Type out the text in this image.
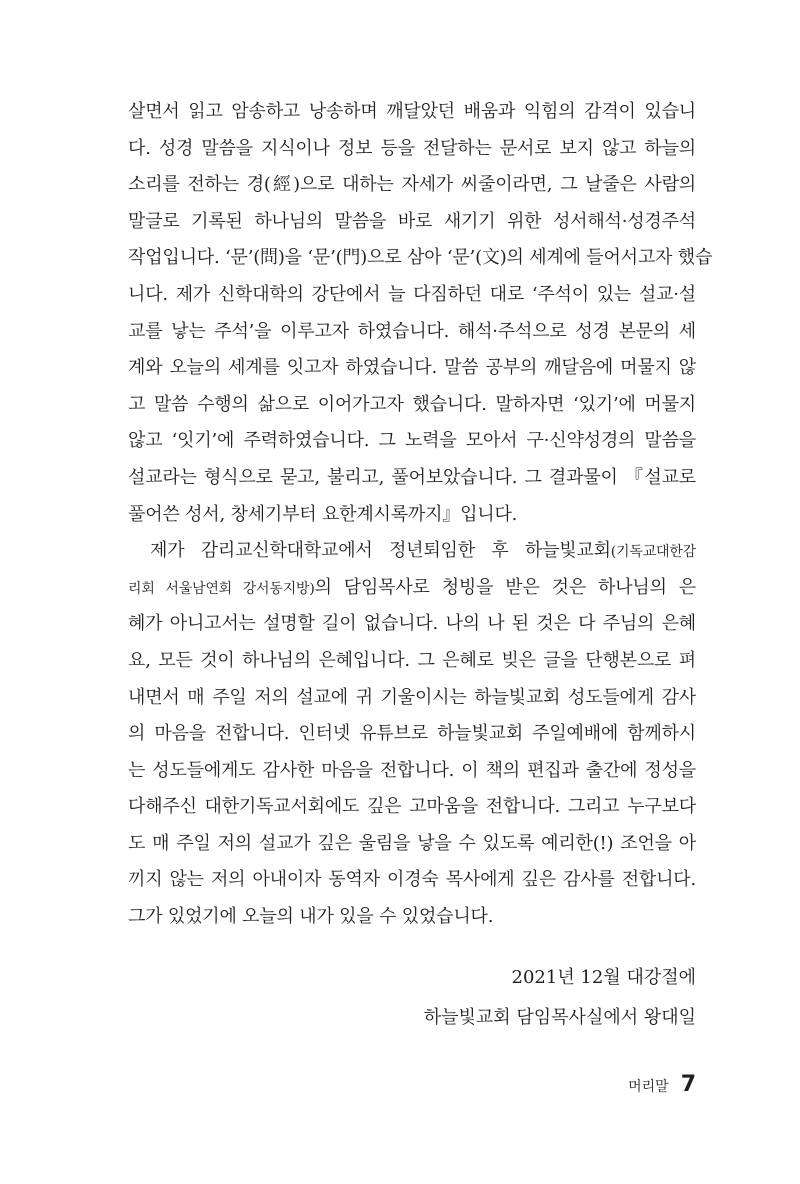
살면서 읽고 암송하고 낭송하며 깨달았던 배움과 익힘의 감격이 있습니
다. 성경 말씀을 지식이나 정보 등을 전달하는 문서로 보지 않고 하늘의
소리를 전하는 경(經)으로 대하는 자세가 씨줄이라면, 그 날줄은 사람의
말글로 기록된 하나님의 말씀을 바로 새기기 위한 성서해석·성경주석
작업입니다. ‘문’(問)을 ‘문’(門)으로 삼아 ‘문’(文)의 세계에 들어서고자 했습
니다. 제가 신학대학의 강단에서 늘 다짐하던 대로 ‘주석이 있는 설교·설
교를 낳는 주석’을 이루고자 하였습니다. 해석·주석으로 성경 본문의 세
계와 오늘의 세계를 잇고자 하였습니다. 말씀 공부의 깨달음에 머물지 않
고 말씀 수행의 삶으로 이어가고자 했습니다. 말하자면 ‘있기’에 머물지
않고 ‘잇기’에 주력하였습니다. 그 노력을 모아서 구·신약성경의 말씀을
설교라는 형식으로 묻고, 불리고, 풀어보았습니다. 그 결과물이 『설교로
풀어쓴 성서, 창세기부터 요한계시록까지』입니다.
제가 감리교신학대학교에서 정년퇴임한 후 하늘빛교회(기독교대한감
리회 서울남연회 강서동지방)의 담임목사로 청빙을 받은 것은 하나님의 은
혜가 아니고서는 설명할 길이 없습니다. 나의 나 된 것은 다 주님의 은혜
요, 모든 것이 하나님의 은혜입니다. 그 은혜로 빚은 글을 단행본으로 펴
내면서 매 주일 저의 설교에 귀 기울이시는 하늘빛교회 성도들에게 감사
의 마음을 전합니다. 인터넷 유튜브로 하늘빛교회 주일예배에 함께하시
는 성도들에게도 감사한 마음을 전합니다. 이 책의 편집과 출간에 정성을
다해주신 대한기독교서회에도 깊은 고마움을 전합니다. 그리고 누구보다
도 매 주일 저의 설교가 깊은 울림을 낳을 수 있도록 예리한(!) 조언을 아
끼지 않는 저의 아내이자 동역자 이경숙 목사에게 깊은 감사를 전합니다.
그가 있었기에 오늘의 내가 있을 수 있었습니다.
2021년 12월 대강절에
하늘빛교회 담임목사실에서 왕대일
머리말 7
